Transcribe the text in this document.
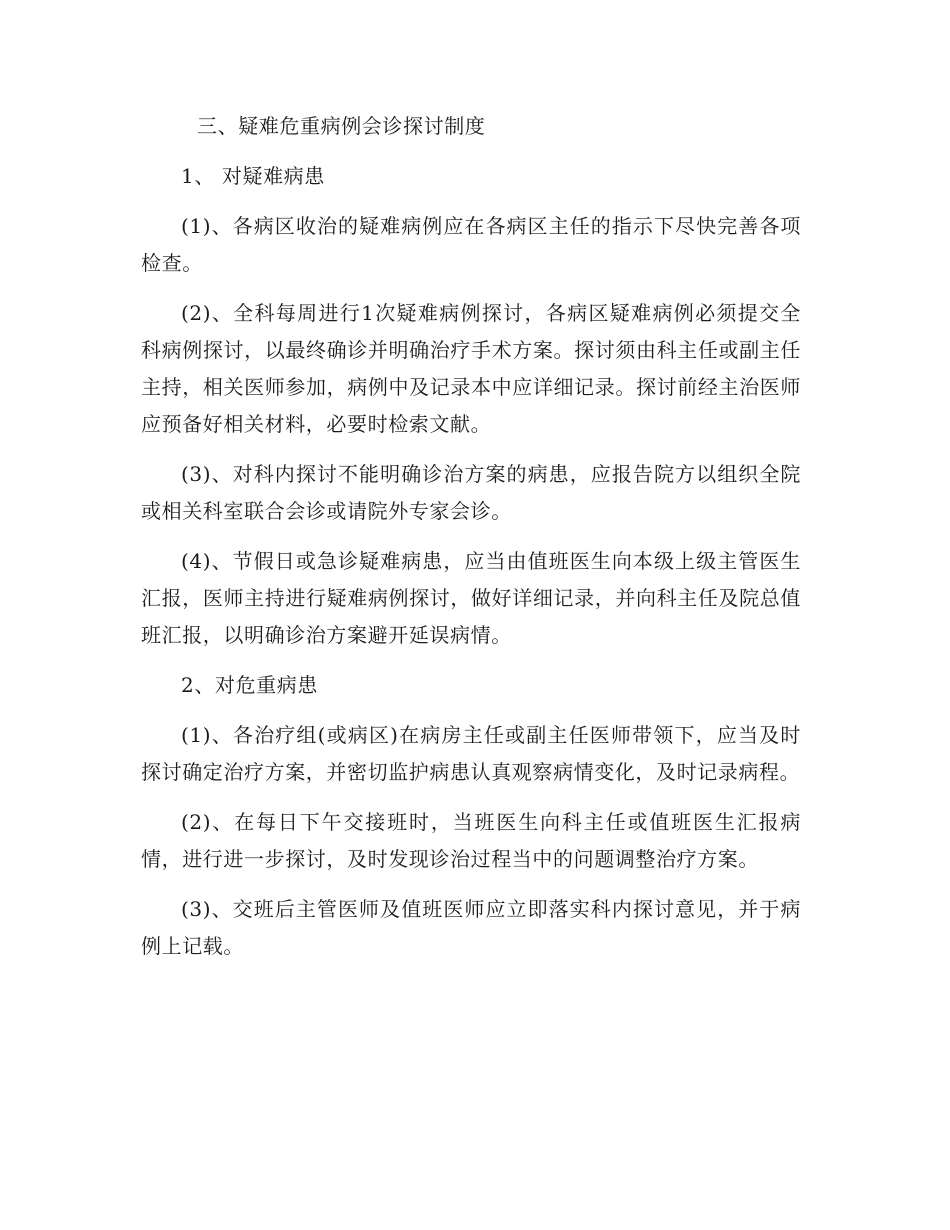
三、疑难危重病例会诊探讨制度

1、 对疑难病患

(1)、各病区收治的疑难病例应在各病区主任的指示下尽快完善各项检查。

(2)、全科每周进行1次疑难病例探讨，各病区疑难病例必须提交全科病例探讨，以最终确诊并明确治疗手术方案。探讨须由科主任或副主任主持，相关医师参加，病例中及记录本中应详细记录。探讨前经主治医师应预备好相关材料，必要时检索文献。

(3)、对科内探讨不能明确诊治方案的病患，应报告院方以组织全院或相关科室联合会诊或请院外专家会诊。

(4)、节假日或急诊疑难病患，应当由值班医生向本级上级主管医生汇报，医师主持进行疑难病例探讨，做好详细记录，并向科主任及院总值班汇报，以明确诊治方案避开延误病情。

2、对危重病患

(1)、各治疗组(或病区)在病房主任或副主任医师带领下，应当及时探讨确定治疗方案，并密切监护病患认真观察病情变化，及时记录病程。

(2)、在每日下午交接班时，当班医生向科主任或值班医生汇报病情，进行进一步探讨，及时发现诊治过程当中的问题调整治疗方案。

(3)、交班后主管医师及值班医师应立即落实科内探讨意见，并于病例上记载。
